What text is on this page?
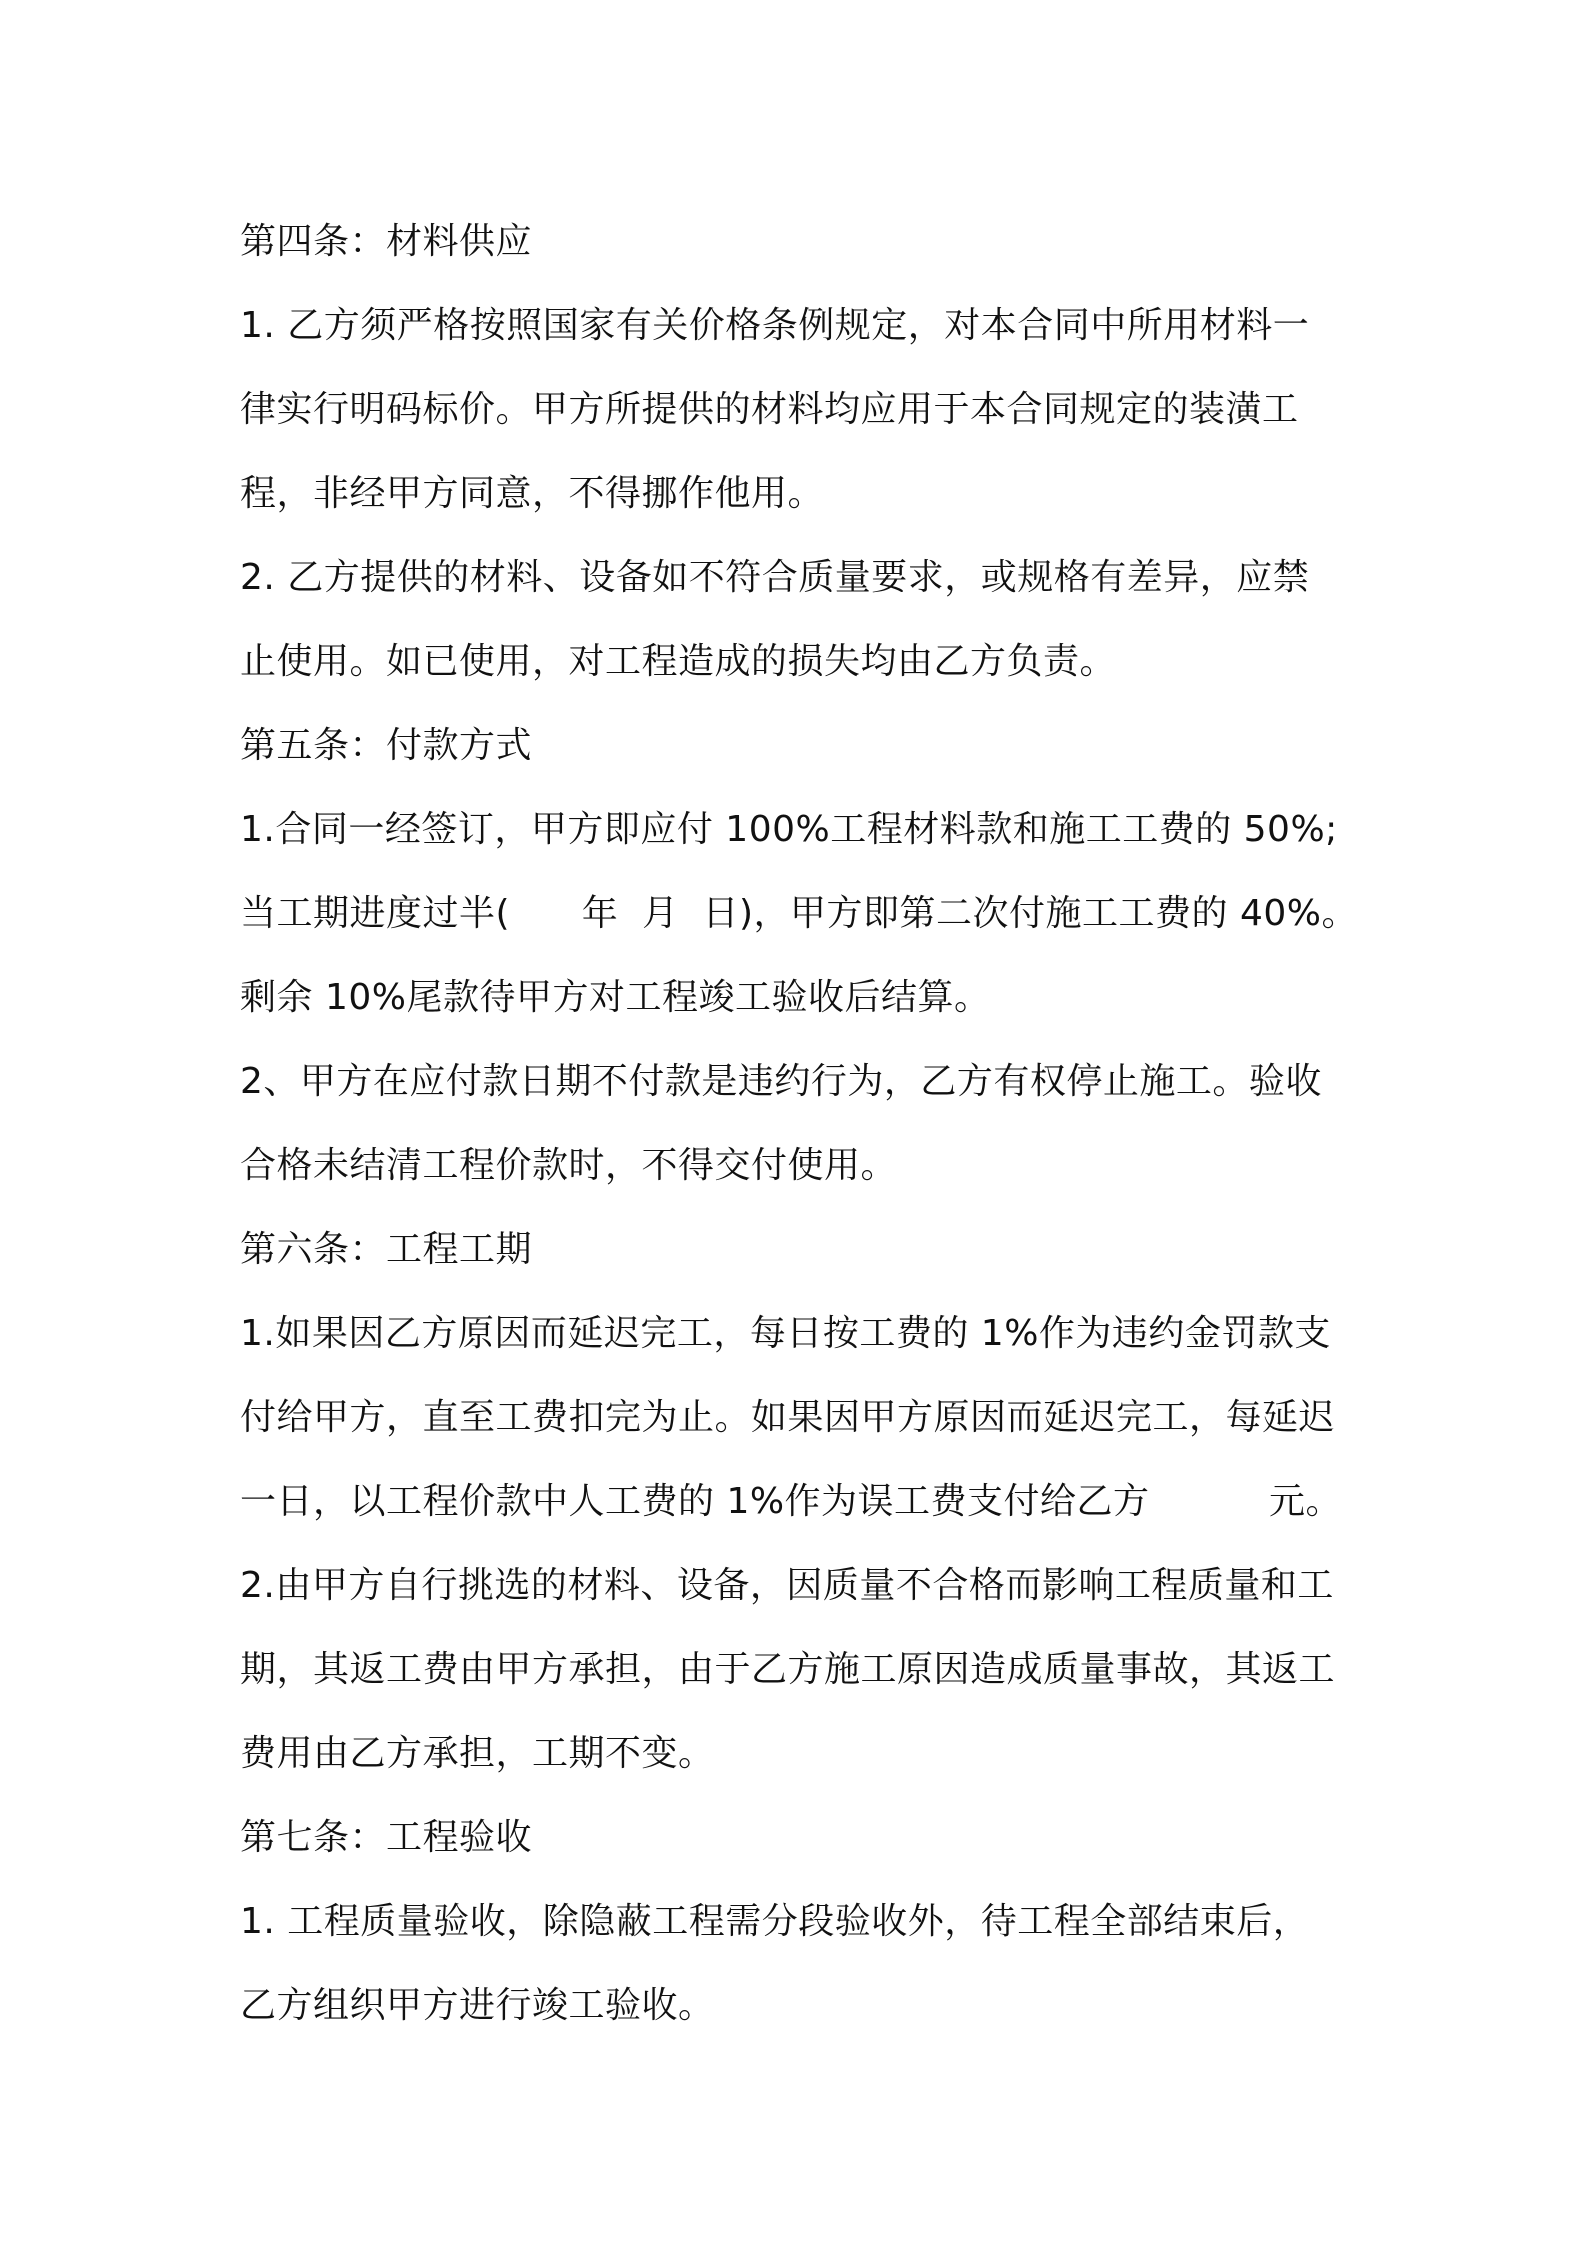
第四条：材料供应
1. 乙方须严格按照国家有关价格条例规定，对本合同中所用材料一
律实行明码标价。甲方所提供的材料均应用于本合同规定的装潢工
程，非经甲方同意，不得挪作他用。
2. 乙方提供的材料、设备如不符合质量要求，或规格有差异，应禁
止使用。如已使用，对工程造成的损失均由乙方负责。
第五条：付款方式
1.合同一经签订，甲方即应付 100%工程材料款和施工工费的 50%;
当工期进度过半(      年  月  日)，甲方即第二次付施工工费的 40%。
剩余 10%尾款待甲方对工程竣工验收后结算。
2、甲方在应付款日期不付款是违约行为，乙方有权停止施工。验收
合格未结清工程价款时，不得交付使用。
第六条：工程工期
1.如果因乙方原因而延迟完工，每日按工费的 1%作为违约金罚款支
付给甲方，直至工费扣完为止。如果因甲方原因而延迟完工，每延迟
一日，以工程价款中人工费的 1%作为误工费支付给乙方          元。
2.由甲方自行挑选的材料、设备，因质量不合格而影响工程质量和工
期，其返工费由甲方承担，由于乙方施工原因造成质量事故，其返工
费用由乙方承担，工期不变。
第七条：工程验收
1. 工程质量验收，除隐蔽工程需分段验收外，待工程全部结束后，
乙方组织甲方进行竣工验收。
